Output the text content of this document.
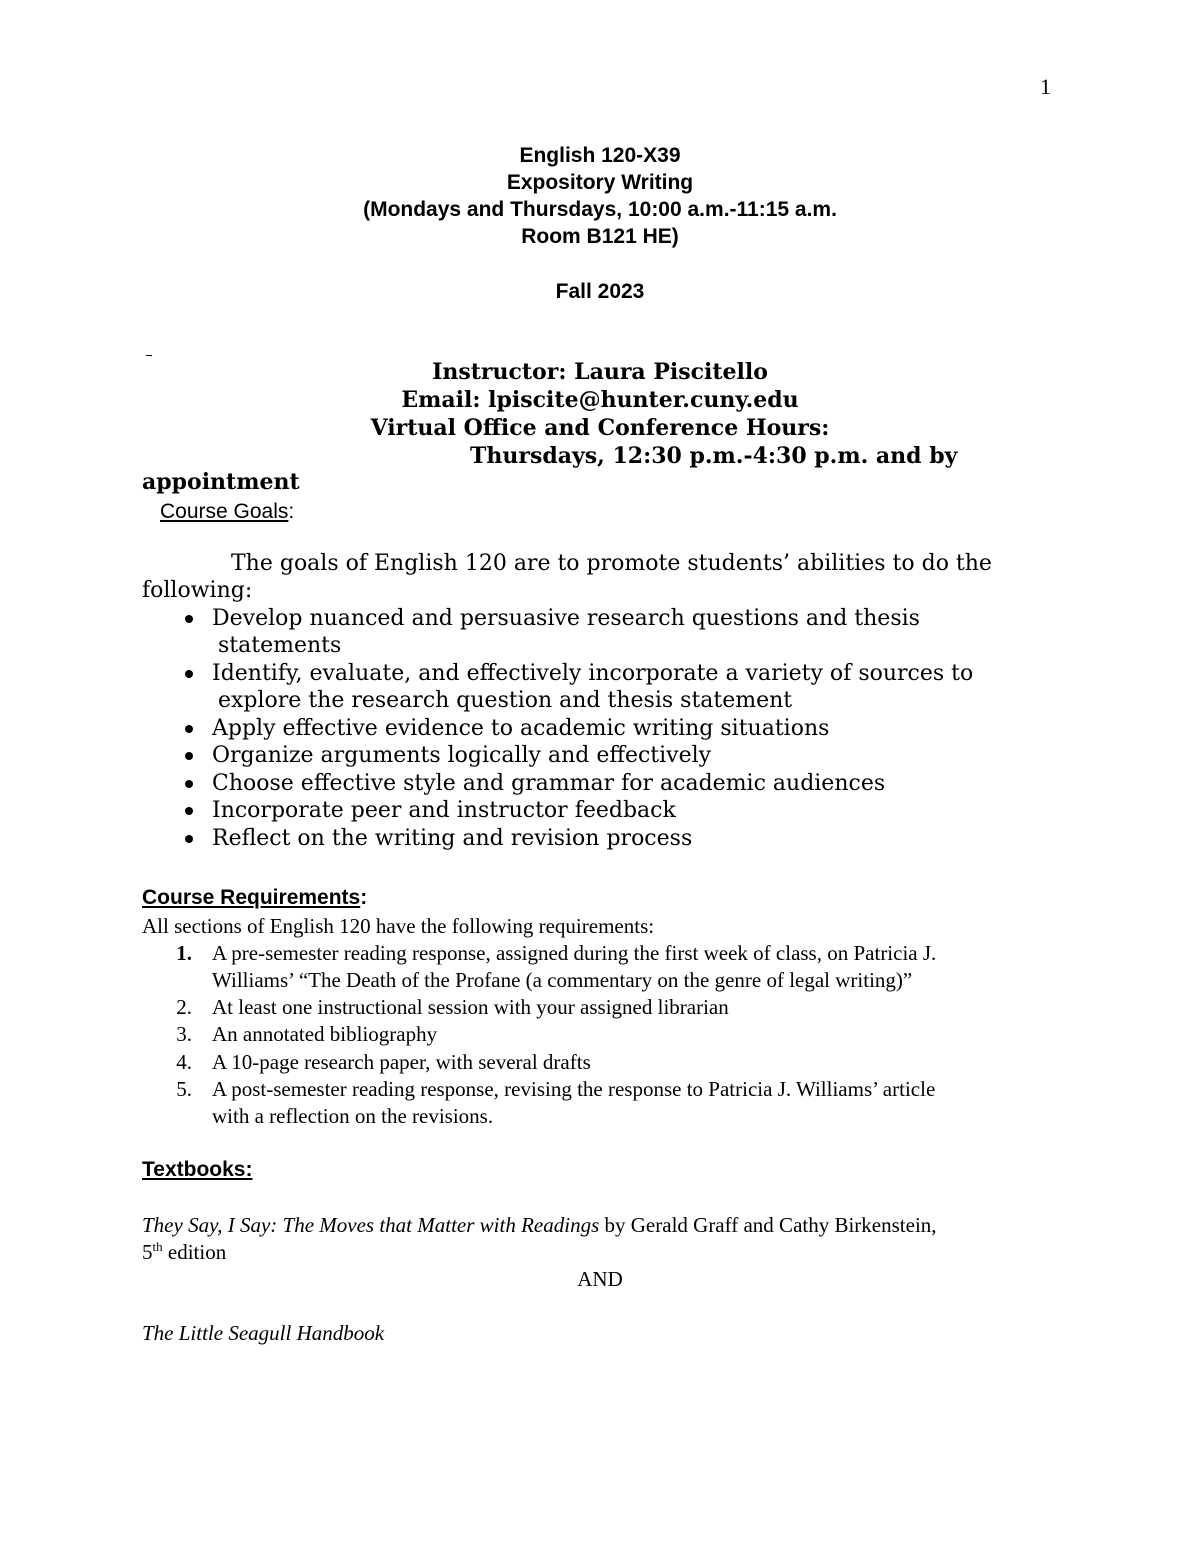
1
English 120-X39
Expository Writing
(Mondays and Thursdays, 10:00 a.m.-11:15 a.m.
Room B121 HE)
Fall 2023
Instructor: Laura Piscitello
Email: lpiscite@hunter.cuny.edu
Virtual Office and Conference Hours:
Thursdays, 12:30 p.m.-4:30 p.m. and by
appointment
Course Goals:
The goals of English 120 are to promote students’ abilities to do the
following:
Develop nuanced and persuasive research questions and thesis
statements
Identify, evaluate, and effectively incorporate a variety of sources to
explore the research question and thesis statement
Apply effective evidence to academic writing situations
Organize arguments logically and effectively
Choose effective style and grammar for academic audiences
Incorporate peer and instructor feedback
Reflect on the writing and revision process
Course Requirements:
All sections of English 120 have the following requirements:
1. A pre-semester reading response, assigned during the first week of class, on Patricia J.
Williams’ “The Death of the Profane (a commentary on the genre of legal writing)”
2. At least one instructional session with your assigned librarian
3. An annotated bibliography
4. A 10-page research paper, with several drafts
5. A post-semester reading response, revising the response to Patricia J. Williams’ article
with a reflection on the revisions.
Textbooks:
They Say, I Say: The Moves that Matter with Readings by Gerald Graff and Cathy Birkenstein,
5th edition
AND
The Little Seagull Handbook
